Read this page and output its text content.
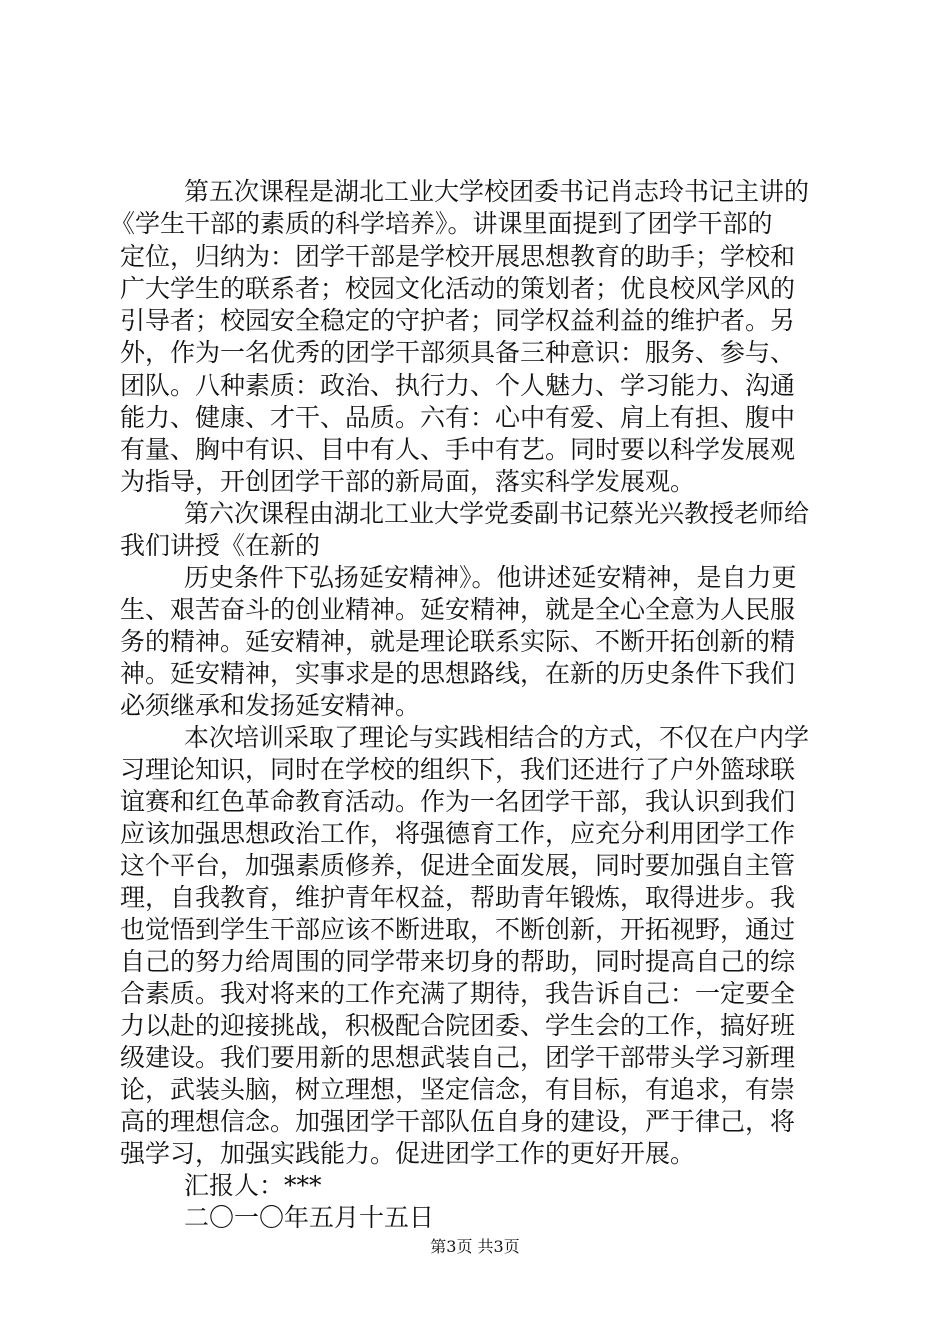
第五次课程是湖北工业大学校团委书记肖志玲书记主讲的
《学生干部的素质的科学培养》。讲课里面提到了团学干部的
定位，归纳为：团学干部是学校开展思想教育的助手；学校和
广大学生的联系者；校园文化活动的策划者；优良校风学风的
引导者；校园安全稳定的守护者；同学权益利益的维护者。另
外，作为一名优秀的团学干部须具备三种意识：服务、参与、
团队。八种素质：政治、执行力、个人魅力、学习能力、沟通
能力、健康、才干、品质。六有：心中有爱、肩上有担、腹中
有量、胸中有识、目中有人、手中有艺。同时要以科学发展观
为指导，开创团学干部的新局面，落实科学发展观。
第六次课程由湖北工业大学党委副书记蔡光兴教授老师给
我们讲授《在新的
历史条件下弘扬延安精神》。他讲述延安精神，是自力更
生、艰苦奋斗的创业精神。延安精神，就是全心全意为人民服
务的精神。延安精神，就是理论联系实际、不断开拓创新的精
神。延安精神，实事求是的思想路线，在新的历史条件下我们
必须继承和发扬延安精神。
本次培训采取了理论与实践相结合的方式，不仅在户内学
习理论知识，同时在学校的组织下，我们还进行了户外篮球联
谊赛和红色革命教育活动。作为一名团学干部，我认识到我们
应该加强思想政治工作，将强德育工作，应充分利用团学工作
这个平台，加强素质修养，促进全面发展，同时要加强自主管
理，自我教育，维护青年权益，帮助青年锻炼，取得进步。我
也觉悟到学生干部应该不断进取，不断创新，开拓视野，通过
自己的努力给周围的同学带来切身的帮助，同时提高自己的综
合素质。我对将来的工作充满了期待，我告诉自己：一定要全
力以赴的迎接挑战，积极配合院团委、学生会的工作，搞好班
级建设。我们要用新的思想武装自己，团学干部带头学习新理
论，武装头脑，树立理想，坚定信念，有目标，有追求，有崇
高的理想信念。加强团学干部队伍自身的建设，严于律己，将
强学习，加强实践能力。促进团学工作的更好开展。
汇报人：***
二〇一〇年五月十五日
第3页 共3页
